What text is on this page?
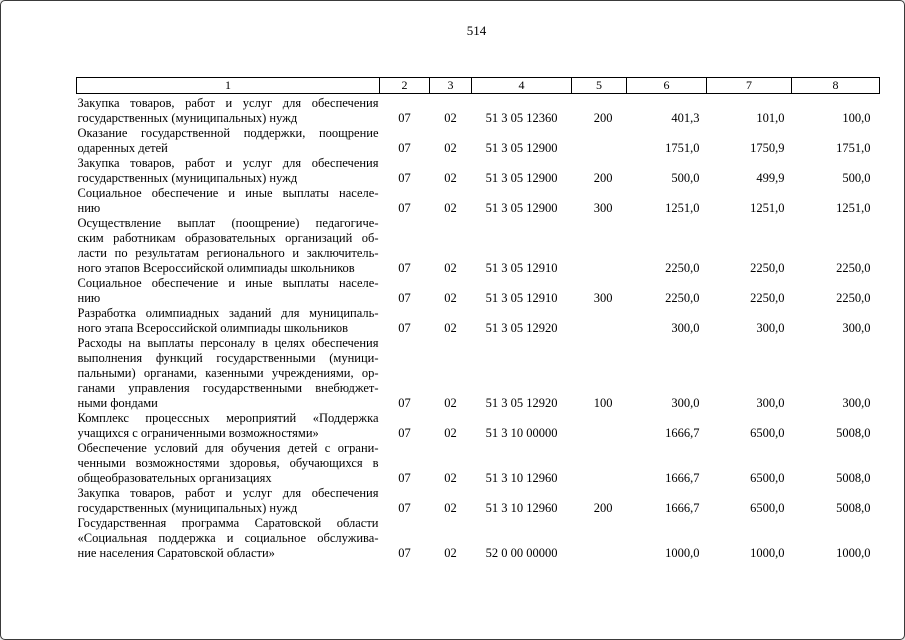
514
1	2	3	4	5	6	7	8

Закупка товаров, работ и услуг для обеспечения
государственных (муниципальных) нужд	07	02	51 3 05 12360	200	401,3	101,0	100,0

Оказание государственной поддержки, поощрение
одаренных детей	07	02	51 3 05 12900		1751,0	1750,9	1751,0

Закупка товаров, работ и услуг для обеспечения
государственных (муниципальных) нужд	07	02	51 3 05 12900	200	500,0	499,9	500,0

Социальное обеспечение и иные выплаты населе-
нию	07	02	51 3 05 12900	300	1251,0	1251,0	1251,0

Осуществление выплат (поощрение) педагогиче-
ским работникам образовательных организаций об-
ласти по результатам регионального и заключитель-
ного этапов Всероссийской олимпиады школьников	07	02	51 3 05 12910		2250,0	2250,0	2250,0

Социальное обеспечение и иные выплаты населе-
нию	07	02	51 3 05 12910	300	2250,0	2250,0	2250,0

Разработка олимпиадных заданий для муниципаль-
ного этапа Всероссийской олимпиады школьников	07	02	51 3 05 12920		300,0	300,0	300,0

Расходы на выплаты персоналу в целях обеспечения
выполнения функций государственными (муници-
пальными) органами, казенными учреждениями, ор-
ганами управления государственными внебюджет-
ными фондами	07	02	51 3 05 12920	100	300,0	300,0	300,0

Комплекс процессных мероприятий «Поддержка
учащихся с ограниченными возможностями»	07	02	51 3 10 00000		1666,7	6500,0	5008,0

Обеспечение условий для обучения детей с ограни-
ченными возможностями здоровья, обучающихся в
общеобразовательных организациях	07	02	51 3 10 12960		1666,7	6500,0	5008,0

Закупка товаров, работ и услуг для обеспечения
государственных (муниципальных) нужд	07	02	51 3 10 12960	200	1666,7	6500,0	5008,0

Государственная программа Саратовской области
«Социальная поддержка и социальное обслужива-
ние населения Саратовской области»	07	02	52 0 00 00000		1000,0	1000,0	1000,0
